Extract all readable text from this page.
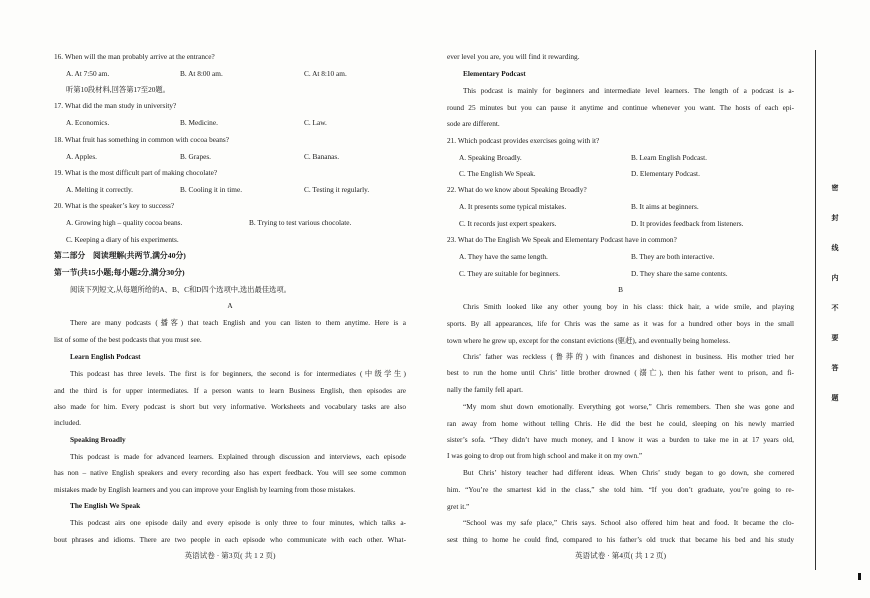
16. When will the man probably arrive at the entrance?
A. At 7:50 am.	B. At 8:00 am.	C. At 8:10 am.
听第10段材料,回答第17至20题。
17. What did the man study in university?
A. Economics.	B. Medicine.	C. Law.
18. What fruit has something in common with cocoa beans?
A. Apples.	B. Grapes.	C. Bananas.
19. What is the most difficult part of making chocolate?
A. Melting it correctly.	B. Cooling it in time.	C. Testing it regularly.
20. What is the speaker’s key to success?
A. Growing high – quality cocoa beans.	B. Trying to test various chocolate.
C. Keeping a diary of his experiments.
第二部分　阅读理解(共两节,满分40分)
第一节(共15小题;每小题2分,满分30分)
阅读下列短文,从每题所给的A、B、C和D四个选项中,选出最佳选项。
A
There are many podcasts (播客) that teach English and you can listen to them anytime. Here is a
list of some of the best podcasts that you must see.
Learn English Podcast
This podcast has three levels. The first is for beginners, the second is for intermediates (中级学生)
and the third is for upper intermediates. If a person wants to learn Business English, then episodes are
also made for him. Every podcast is short but very informative. Worksheets and vocabulary tasks are also
included.
Speaking Broadly
This podcast is made for advanced learners. Explained through discussion and interviews, each episode
has non – native English speakers and every recording also has expert feedback. You will see some common
mistakes made by English learners and you can improve your English by learning from those mistakes.
The English We Speak
This podcast airs one episode daily and every episode is only three to four minutes, which talks a-
bout phrases and idioms. There are two people in each episode who communicate with each other. What-
英语试卷 · 第3页( 共 1 2 页)
ever level you are, you will find it rewarding.
Elementary Podcast
This podcast is mainly for beginners and intermediate level learners. The length of a podcast is a-
round 25 minutes but you can pause it anytime and continue whenever you want. The hosts of each epi-
sode are different.
21. Which podcast provides exercises going with it?
A. Speaking Broadly.	B. Learn English Podcast.
C. The English We Speak.	D. Elementary Podcast.
22. What do we know about Speaking Broadly?
A. It presents some typical mistakes.	B. It aims at beginners.
C. It records just expert speakers.	D. It provides feedback from listeners.
23. What do The English We Speak and Elementary Podcast have in common?
A. They have the same length.	B. They are both interactive.
C. They are suitable for beginners.	D. They share the same contents.
B
Chris Smith looked like any other young boy in his class: thick hair, a wide smile, and playing
sports. By all appearances, life for Chris was the same as it was for a hundred other boys in the small
town where he grew up, except for the constant evictions (驱赶), and eventually being homeless.
Chris’ father was reckless (鲁莽的) with finances and dishonest in business. His mother tried her
best to run the home until Chris’ little brother drowned (溺亡), then his father went to prison, and fi-
nally the family fell apart.
“My mom shut down emotionally. Everything got worse,” Chris remembers. Then she was gone and
ran away from home without telling Chris. He did the best he could, sleeping on his newly married
sister’s sofa. “They didn’t have much money, and I know it was a burden to take me in at 17 years old,
I was going to drop out from high school and make it on my own.”
But Chris’ history teacher had different ideas. When Chris’ study began to go down, she cornered
him. “You’re the smartest kid in the class,” she told him. “If you don’t graduate, you’re going to re-
gret it.”
“School was my safe place,” Chris says. School also offered him heat and food. It became the clo-
sest thing to home he could find, compared to his father’s old truck that became his bed and his study
英语试卷 · 第4页( 共 1 2 页)
密
封
线
内
不
要
答
题
